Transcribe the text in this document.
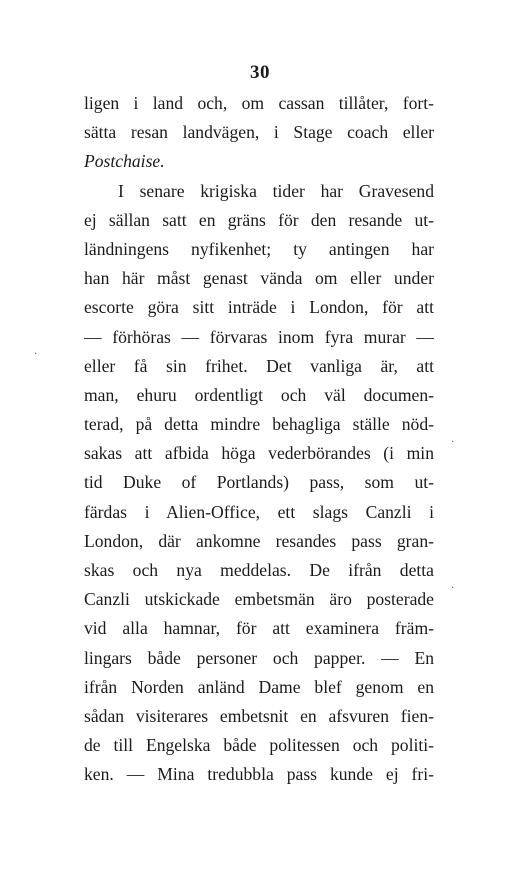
30
ligen i land och, om cassan tillåter, fort-
sätta resan landvägen, i Stage coach eller
Postchaise.
I senare krigiska tider har Gravesend
ej sällan satt en gräns för den resande ut-
ländningens nyfikenhet; ty antingen har
han här måst genast vända om eller under
escorte göra sitt inträde i London, för att
— förhöras — förvaras inom fyra murar —
eller få sin frihet. Det vanliga är, att
man, ehuru ordentligt och väl documen-
terad, på detta mindre behagliga ställe nöd-
sakas att afbida höga vederbörandes (i min
tid Duke of Portlands) pass, som ut-
färdas i Alien-Office, ett slags Canzli i
London, där ankomne resandes pass gran-
skas och nya meddelas. De ifrån detta
Canzli utskickade embetsmän äro posterade
vid alla hamnar, för att examinera främ-
lingars både personer och papper. — En
ifrån Norden anländ Dame blef genom en
sådan visiterares embetsnit en afsvuren fien-
de till Engelska både politessen och politi-
ken. — Mina tredubbla pass kunde ej fri-
·
·
·
